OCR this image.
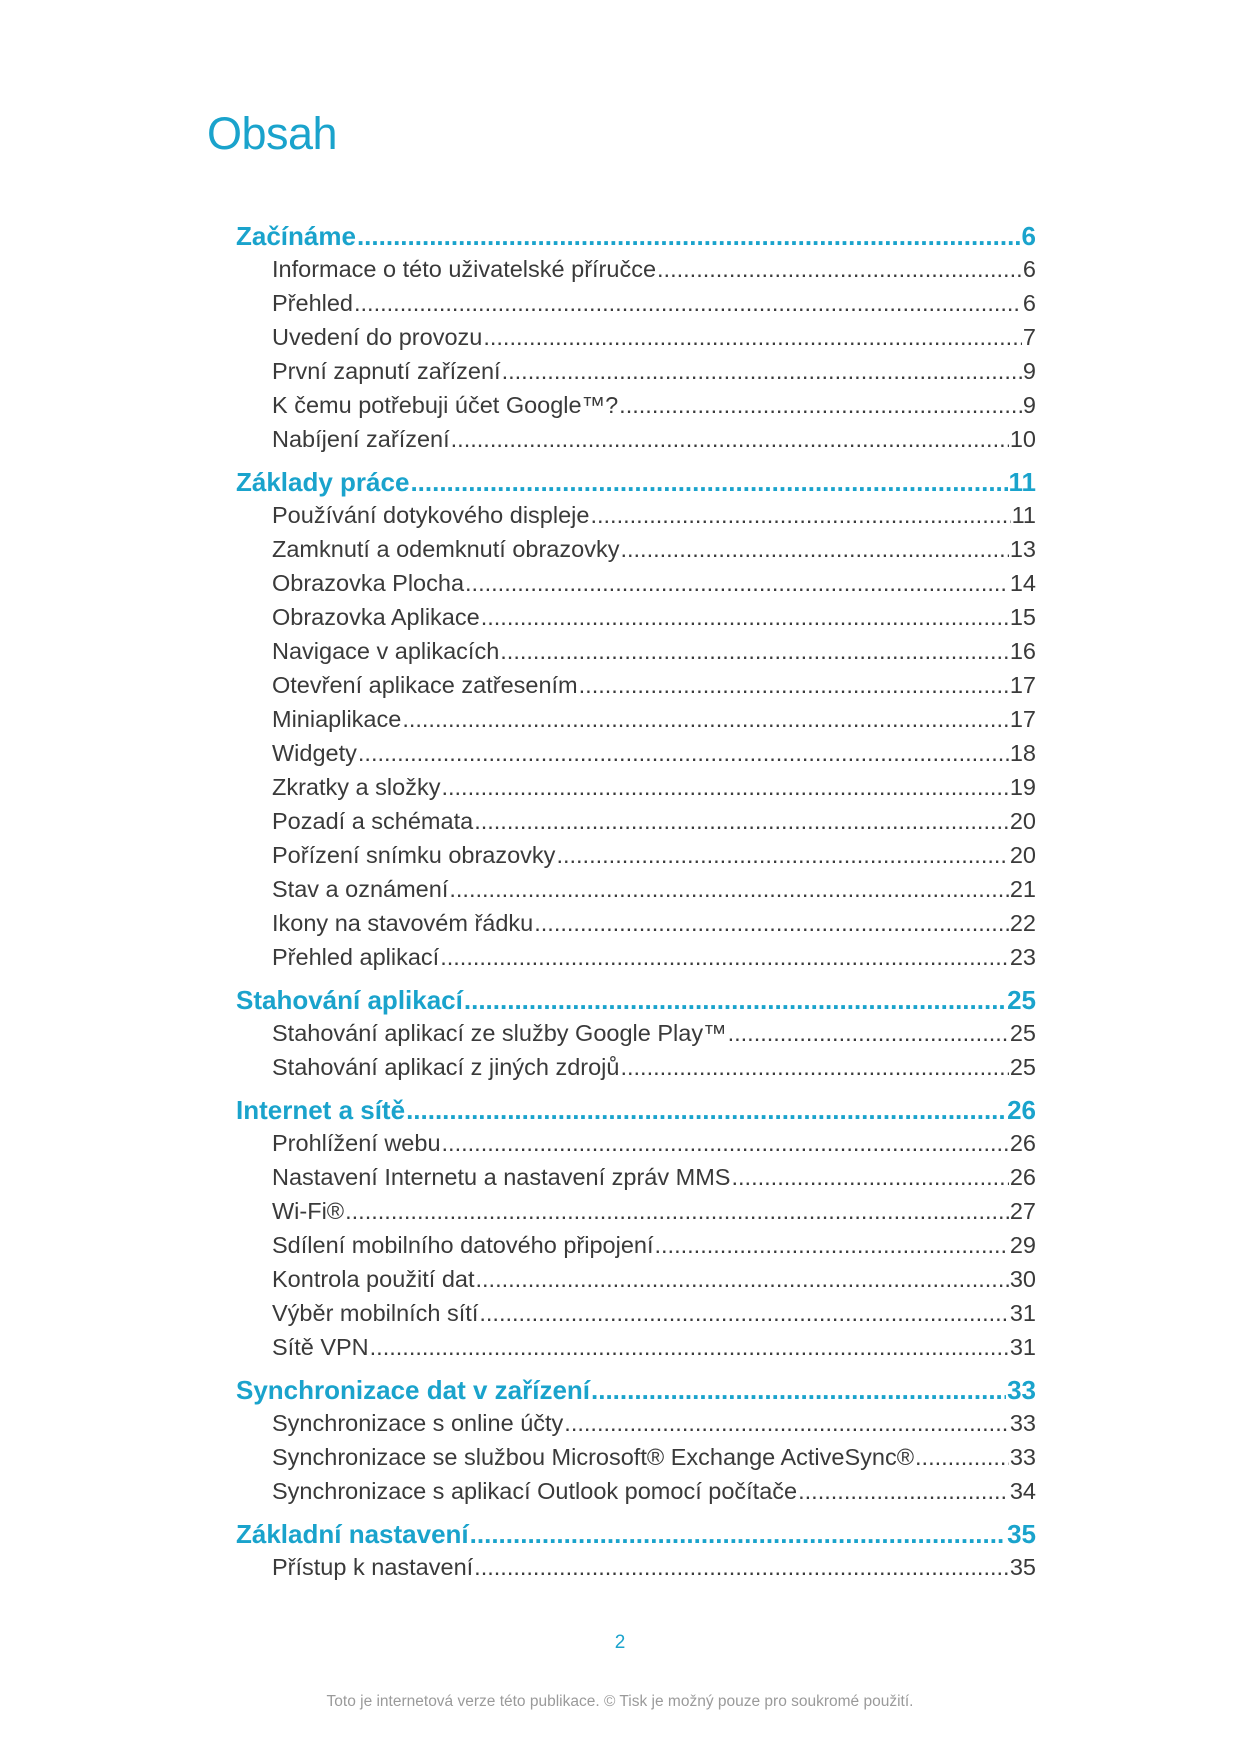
Obsah
Začínáme .....	6
Informace o této uživatelské příručce .....	6
Přehled .....	6
Uvedení do provozu .....	7
První zapnutí zařízení .....	9
K čemu potřebuji účet Google™? .....	9
Nabíjení zařízení .....	10
Základy práce .....	11
Používání dotykového displeje .....	11
Zamknutí a odemknutí obrazovky .....	13
Obrazovka Plocha .....	14
Obrazovka Aplikace .....	15
Navigace v aplikacích .....	16
Otevření aplikace zatřesením .....	17
Miniaplikace .....	17
Widgety .....	18
Zkratky a složky .....	19
Pozadí a schémata .....	20
Pořízení snímku obrazovky .....	20
Stav a oznámení .....	21
Ikony na stavovém řádku .....	22
Přehled aplikací .....	23
Stahování aplikací .....	25
Stahování aplikací ze služby Google Play™ .....	25
Stahování aplikací z jiných zdrojů .....	25
Internet a sítě .....	26
Prohlížení webu .....	26
Nastavení Internetu a nastavení zpráv MMS .....	26
Wi-Fi® .....	27
Sdílení mobilního datového připojení .....	29
Kontrola použití dat .....	30
Výběr mobilních sítí .....	31
Sítě VPN .....	31
Synchronizace dat v zařízení .....	33
Synchronizace s online účty .....	33
Synchronizace se službou Microsoft® Exchange ActiveSync® .....	33
Synchronizace s aplikací Outlook pomocí počítače .....	34
Základní nastavení .....	35
Přístup k nastavení .....	35
2
Toto je internetová verze této publikace. © Tisk je možný pouze pro soukromé použití.
